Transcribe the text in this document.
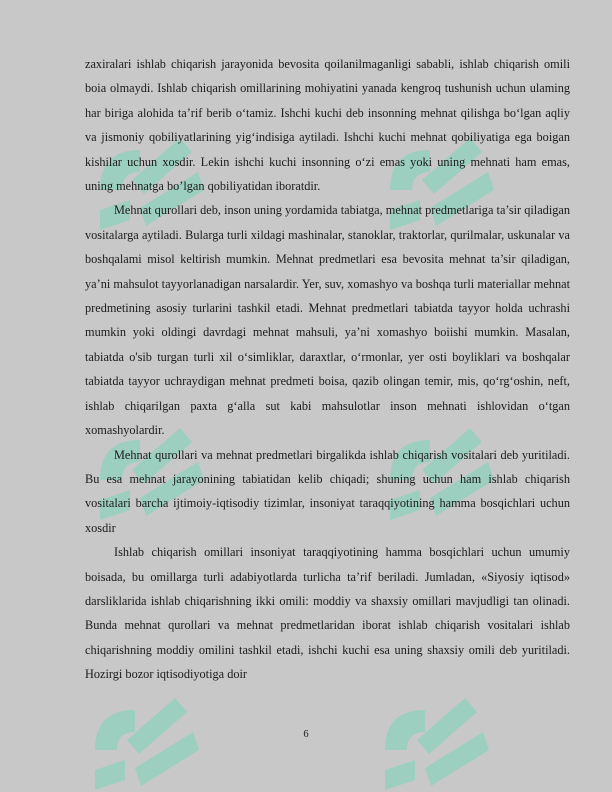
zaxiralari ishlab chiqarish jarayonida bevosita qoilanilmaganligi sababli, ishlab chiqarish omili boia olmaydi. Ishlab chiqarish omillarining mohiyatini yanada kengroq tushunish uchun ulaming har biriga alohida ta’rif berib o‘tamiz. Ishchi kuchi deb insonning mehnat qilishga bo‘lgan aqliy va jismoniy qobiliyatlarining yig‘indisiga aytiladi. Ishchi kuchi mehnat qobiliyatiga ega boigan kishilar uchun xosdir. Lekin ishchi kuchi insonning o‘zi emas yoki uning mehnati ham emas, uning mehnatga bo’lgan qobiliyatidan iboratdir.

Mehnat qurollari deb, inson uning yordamida tabiatga, mehnat predmetlariga ta’sir qiladigan vositalarga aytiladi. Bularga turli xildagi mashinalar, stanoklar, traktorlar, qurilmalar, uskunalar va boshqalami misol keltirish mumkin. Mehnat predmetlari esa bevosita mehnat ta’sir qiladigan, ya’ni mahsulot tayyorlanadigan narsalardir. Yer, suv, xomashyo va boshqa turli materiallar mehnat predmetining asosiy turlarini tashkil etadi. Mehnat predmetlari tabiatda tayyor holda uchrashi mumkin yoki oldingi davrdagi mehnat mahsuli, ya’ni xomashyo boiishi mumkin. Masalan, tabiatda o'sib turgan turli xil o‘simliklar, daraxtlar, o‘rmonlar, yer osti boyliklari va boshqalar tabiatda tayyor uchraydigan mehnat predmeti boisa, qazib olingan temir, mis, qo‘rg‘oshin, neft, ishlab chiqarilgan paxta g‘alla sut kabi mahsulotlar inson mehnati ishlovidan o‘tgan xomashyolardir.

Mehnat qurollari va mehnat predmetlari birgalikda ishlab chiqarish vositalari deb yuritiladi. Bu esa mehnat jarayonining tabiatidan kelib chiqadi; shuning uchun ham ishlab chiqarish vositalari barcha ijtimoiy-iqtisodiy tizimlar, insoniyat taraqqiyotining hamma bosqichlari uchun xosdir

Ishlab chiqarish omillari insoniyat taraqqiyotining hamma bosqichlari uchun umumiy boisada, bu omillarga turli adabiyotlarda turlicha ta’rif beriladi. Jumladan, «Siyosiy iqtisod» darsliklarida ishlab chiqarishning ikki omili: moddiy va shaxsiy omillari mavjudligi tan olinadi. Bunda mehnat qurollari va mehnat predmetlaridan iborat ishlab chiqarish vositalari ishlab chiqarishning moddiy omilini tashkil etadi, ishchi kuchi esa uning shaxsiy omili deb yuritiladi. Hozirgi bozor iqtisodiyotiga doir

6
